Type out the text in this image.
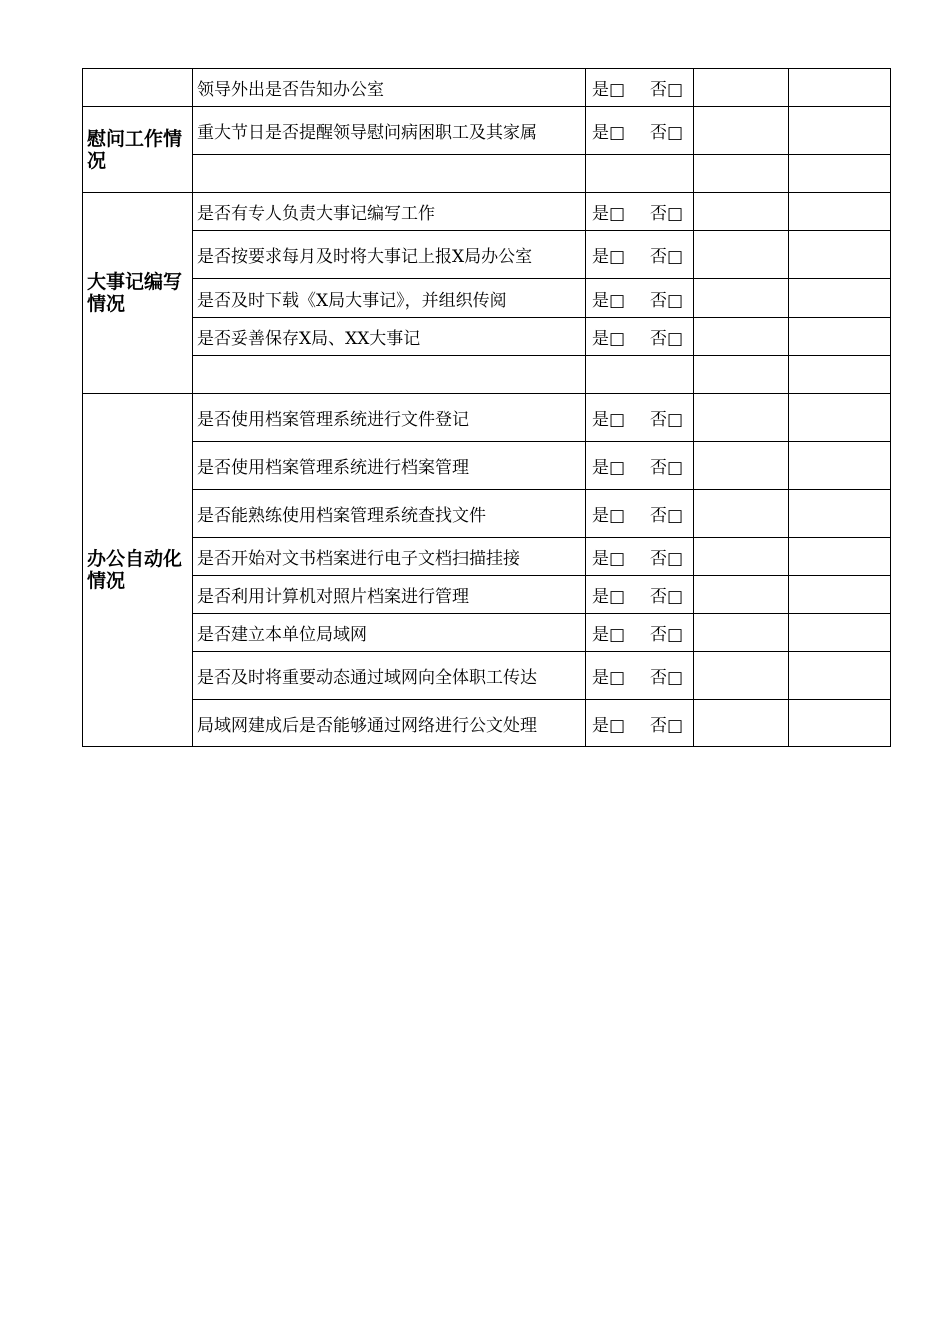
	领导外出是否告知办公室	是□ 否□		
慰问工作情况	重大节日是否提醒领导慰问病困职工及其家属	是□ 否□		

大事记编写情况	是否有专人负责大事记编写工作	是□ 否□		
	是否按要求每月及时将大事记上报X局办公室	是□ 否□		
	是否及时下载《X局大事记》，并组织传阅	是□ 否□		
	是否妥善保存X局、XX大事记	是□ 否□		

办公自动化情况	是否使用档案管理系统进行文件登记	是□ 否□		
	是否使用档案管理系统进行档案管理	是□ 否□		
	是否能熟练使用档案管理系统查找文件	是□ 否□		
	是否开始对文书档案进行电子文档扫描挂接	是□ 否□		
	是否利用计算机对照片档案进行管理	是□ 否□		
	是否建立本单位局域网	是□ 否□		
	是否及时将重要动态通过域网向全体职工传达	是□ 否□		
	局域网建成后是否能够通过网络进行公文处理	是□ 否□		
